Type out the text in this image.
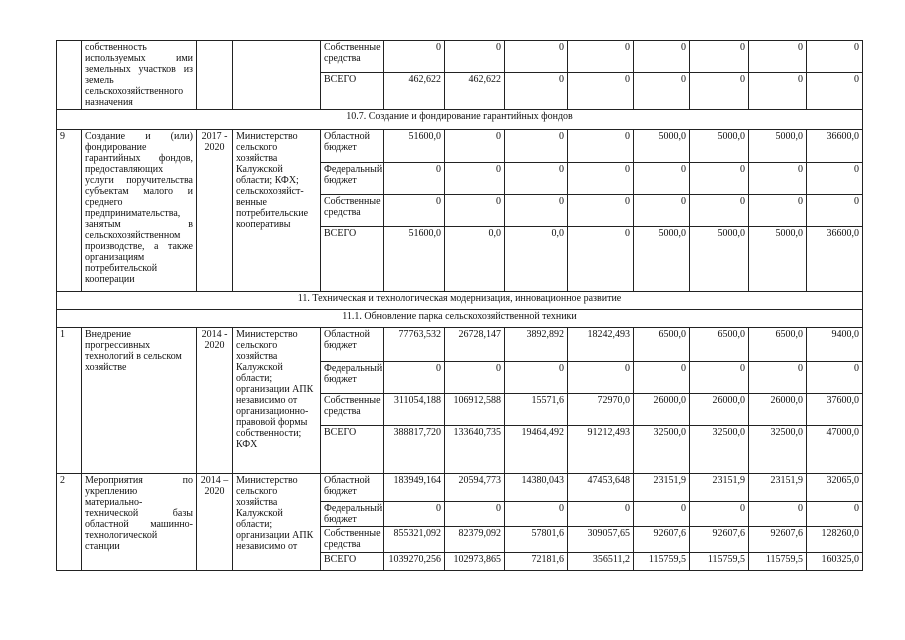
	собственность используемых ими земельных участков из земель сельскохозяйственного назначения			Собственные средства	0	0	0	0	0	0	0	0
				ВСЕГО	462,622	462,622	0	0	0	0	0	0
10.7. Создание и фондирование гарантийных фондов												
9	Создание и (или) фондирование гарантийных фондов, предоставляющих услуги поручительства субъектам малого и среднего предпринимательства, занятым в сельскохозяйственном производстве, а также организациям потребительской кооперации	2017 - 2020	Министерство сельского хозяйства Калужской области; КФХ; сельскохозяйст- венные потребительские кооперативы	Областной бюджет	51600,0	0	0	0	5000,0	5000,0	5000,0	36600,0
				Федеральный бюджет	0	0	0	0	0	0	0	0
				Собственные средства	0	0	0	0	0	0	0	0
				ВСЕГО	51600,0	0,0	0,0	0	5000,0	5000,0	5000,0	36600,0
11. Техническая и технологическая модернизация, инновационное развитие												
11.1. Обновление парка сельскохозяйственной техники												
1	Внедрение прогрессивных технологий в сельском хозяйстве	2014 - 2020	Министерство сельского хозяйства Калужской области; организации АПК независимо от организационно- правовой формы собственности; КФХ	Областной бюджет	77763,532	26728,147	3892,892	18242,493	6500,0	6500,0	6500,0	9400,0
				Федеральный бюджет	0	0	0	0	0	0	0	0
				Собственные средства	311054,188	106912,588	15571,6	72970,0	26000,0	26000,0	26000,0	37600,0
				ВСЕГО	388817,720	133640,735	19464,492	91212,493	32500,0	32500,0	32500,0	47000,0
2	Мероприятия по укреплению материально- технической базы областной машинно- технологической станции	2014 – 2020	Министерство сельского хозяйства Калужской области; организации АПК независимо от	Областной бюджет	183949,164	20594,773	14380,043	47453,648	23151,9	23151,9	23151,9	32065,0
				Федеральный бюджет	0	0	0	0	0	0	0	0
				Собственные средства	855321,092	82379,092	57801,6	309057,65	92607,6	92607,6	92607,6	128260,0
				ВСЕГО	1039270,256	102973,865	72181,6	356511,2	115759,5	115759,5	115759,5	160325,0
